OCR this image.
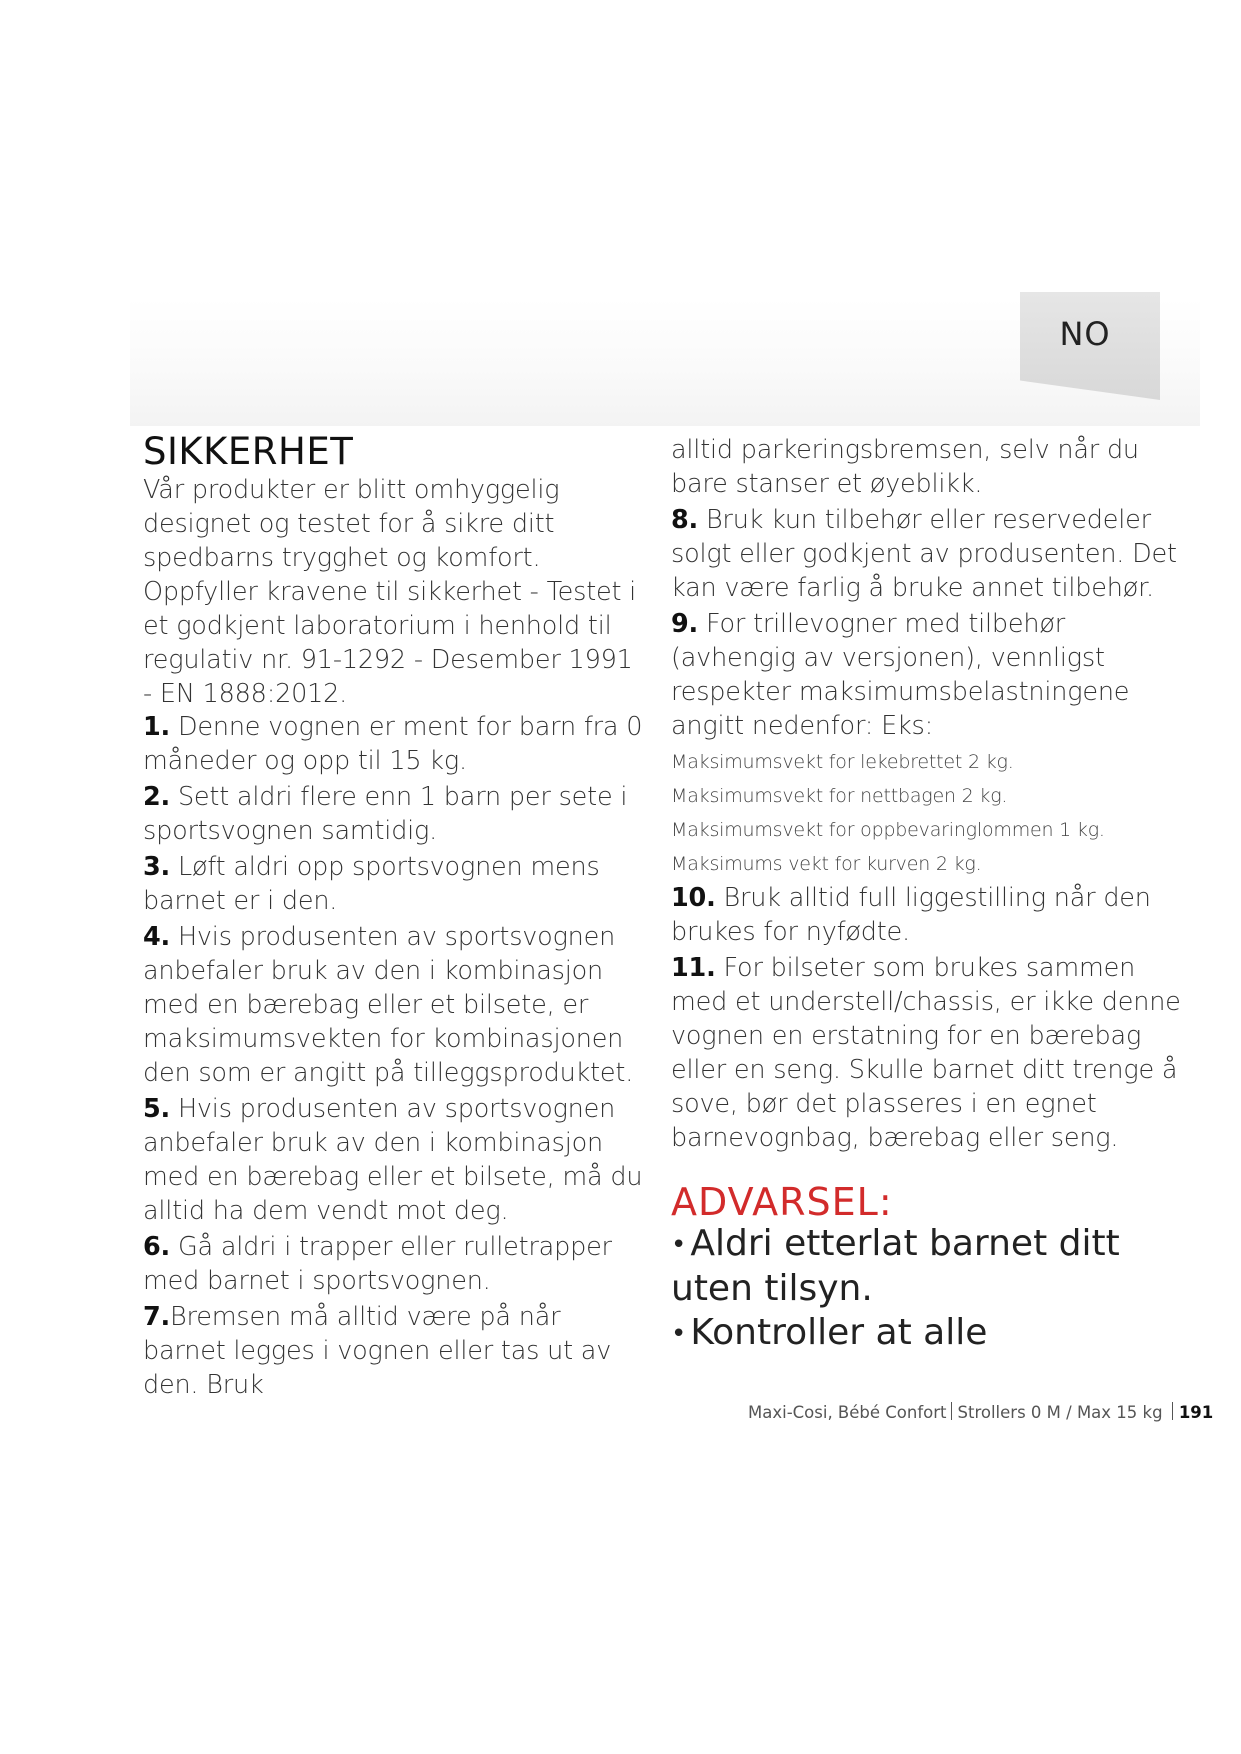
NO
SIKKERHET
Vår produkter er blitt omhyggelig designet og testet for å sikre ditt spedbarns trygghet og komfort. Oppfyller kravene til sikkerhet - Testet i et godkjent laboratorium i henhold til regulativ nr. 91-1292 - Desember 1991 - EN 1888:2012.
1. Denne vognen er ment for barn fra 0 måneder og opp til 15 kg.
2. Sett aldri flere enn 1 barn per sete i sportsvognen samtidig.
3. Løft aldri opp sportsvognen mens barnet er i den.
4. Hvis produsenten av sportsvognen anbefaler bruk av den i kombinasjon med en bærebag eller et bilsete, er maksimumsvekten for kombinasjonen den som er angitt på tilleggsproduktet.
5. Hvis produsenten av sportsvognen anbefaler bruk av den i kombinasjon med en bærebag eller et bilsete, må du alltid ha dem vendt mot deg.
6. Gå aldri i trapper eller rulletrapper med barnet i sportsvognen.
7.Bremsen må alltid være på når barnet legges i vognen eller tas ut av den. Bruk
alltid parkeringsbremsen, selv når du bare stanser et øyeblikk.
8. Bruk kun tilbehør eller reservedeler solgt eller godkjent av produsenten. Det kan være farlig å bruke annet tilbehør.
9. For trillevogner med tilbehør (avhengig av versjonen), vennligst respekter maksimumsbelastningene angitt nedenfor: Eks:
Maksimumsvekt for lekebrettet 2 kg.
Maksimumsvekt for nettbagen 2 kg.
Maksimumsvekt for oppbevaringlommen 1 kg.
Maksimums vekt for kurven 2 kg.
10. Bruk alltid full liggestilling når den brukes for nyfødte.
11. For bilseter som brukes sammen med et understell/chassis, er ikke denne vognen en erstatning for en bærebag eller en seng. Skulle barnet ditt trenge å sove, bør det plasseres i en egnet barnevognbag, bærebag eller seng.
ADVARSEL:
• Aldri etterlat barnet ditt uten tilsyn.
• Kontroller at alle
Maxi-Cosi, Bébé Confort Strollers 0 M / Max 15 kg 191
